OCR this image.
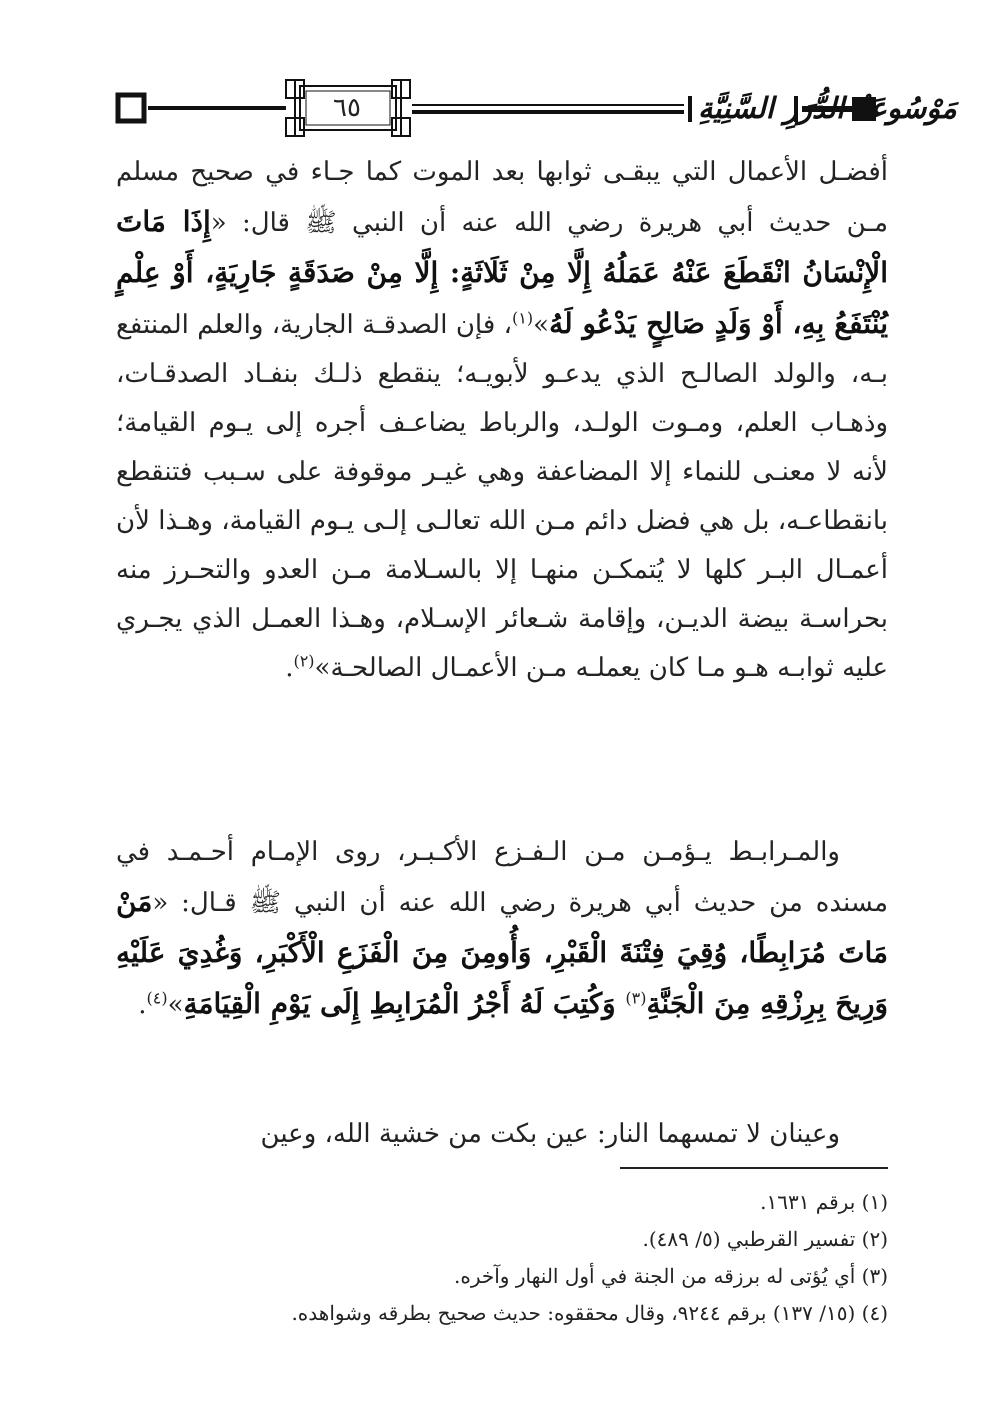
٦٥	مَوْسُوعَةُ الدُّرَرِ السَّنِيَّةِ

أفضـل الأعمال التي يبقـى ثوابها بعد الموت كما جـاء في صحيح مسلم مـن حديث أبي هريرة رضي الله عنه أن النبي ﷺ قال: «إِذَا مَاتَ الْإِنْسَانُ انْقَطَعَ عَنْهُ عَمَلُهُ إِلَّا مِنْ ثَلَاثَةٍ: إِلَّا مِنْ صَدَقَةٍ جَارِيَةٍ، أَوْ عِلْمٍ يُنْتَفَعُ بِهِ، أَوْ وَلَدٍ صَالِحٍ يَدْعُو لَهُ»$^{(١)}$، فإن الصدقـة الجارية، والعلم المنتفع بـه، والولد الصالـح الذي يدعـو لأبويـه؛ ينقطع ذلـك بنفـاد الصدقـات، وذهـاب العلم، ومـوت الولـد، والرباط يضاعـف أجره إلى يـوم القيامة؛ لأنه لا معنـى للنماء إلا المضاعفة وهي غيـر موقوفة على سـبب فتنقطع بانقطاعـه، بل هي فضل دائم مـن الله تعالـى إلـى يـوم القيامة، وهـذا لأن أعمـال البـر كلها لا يُتمكـن منهـا إلا بالسـلامة مـن العدو والتحـرز منه بحراسـة بيضة الديـن، وإقامة شـعائر الإسـلام، وهـذا العمـل الذي يجـري عليه ثوابـه هـو مـا كان يعملـه مـن الأعمـال الصالحـة»$^{(٢)}$.

والمـرابـط يـؤمـن مـن الـفـزع الأكـبـر، روى الإمـام أحـمـد في مسنده من حديث أبي هريرة رضي الله عنه أن النبي ﷺ قـال: «مَنْ مَاتَ مُرَابِطًا، وُقِيَ فِتْنَةَ الْقَبْرِ، وَأُومِنَ مِنَ الْفَزَعِ الْأَكْبَرِ، وَغُدِيَ عَلَيْهِ وَرِيحَ بِرِزْقِهِ مِنَ الْجَنَّةِ$^{(٣)}$ وَكُتِبَ لَهُ أَجْرُ الْمُرَابِطِ إِلَى يَوْمِ الْقِيَامَةِ»$^{(٤)}$.

وعينان لا تمسهما النار: عين بكت من خشية الله، وعين

(١) برقم ١٦٣١.
(٢) تفسير القرطبي (٥/ ٤٨٩).
(٣) أي يُؤتى له برزقه من الجنة في أول النهار وآخره.
(٤) (١٥/ ١٣٧) برقم ٩٢٤٤، وقال محققوه: حديث صحيح بطرقه وشواهده.
